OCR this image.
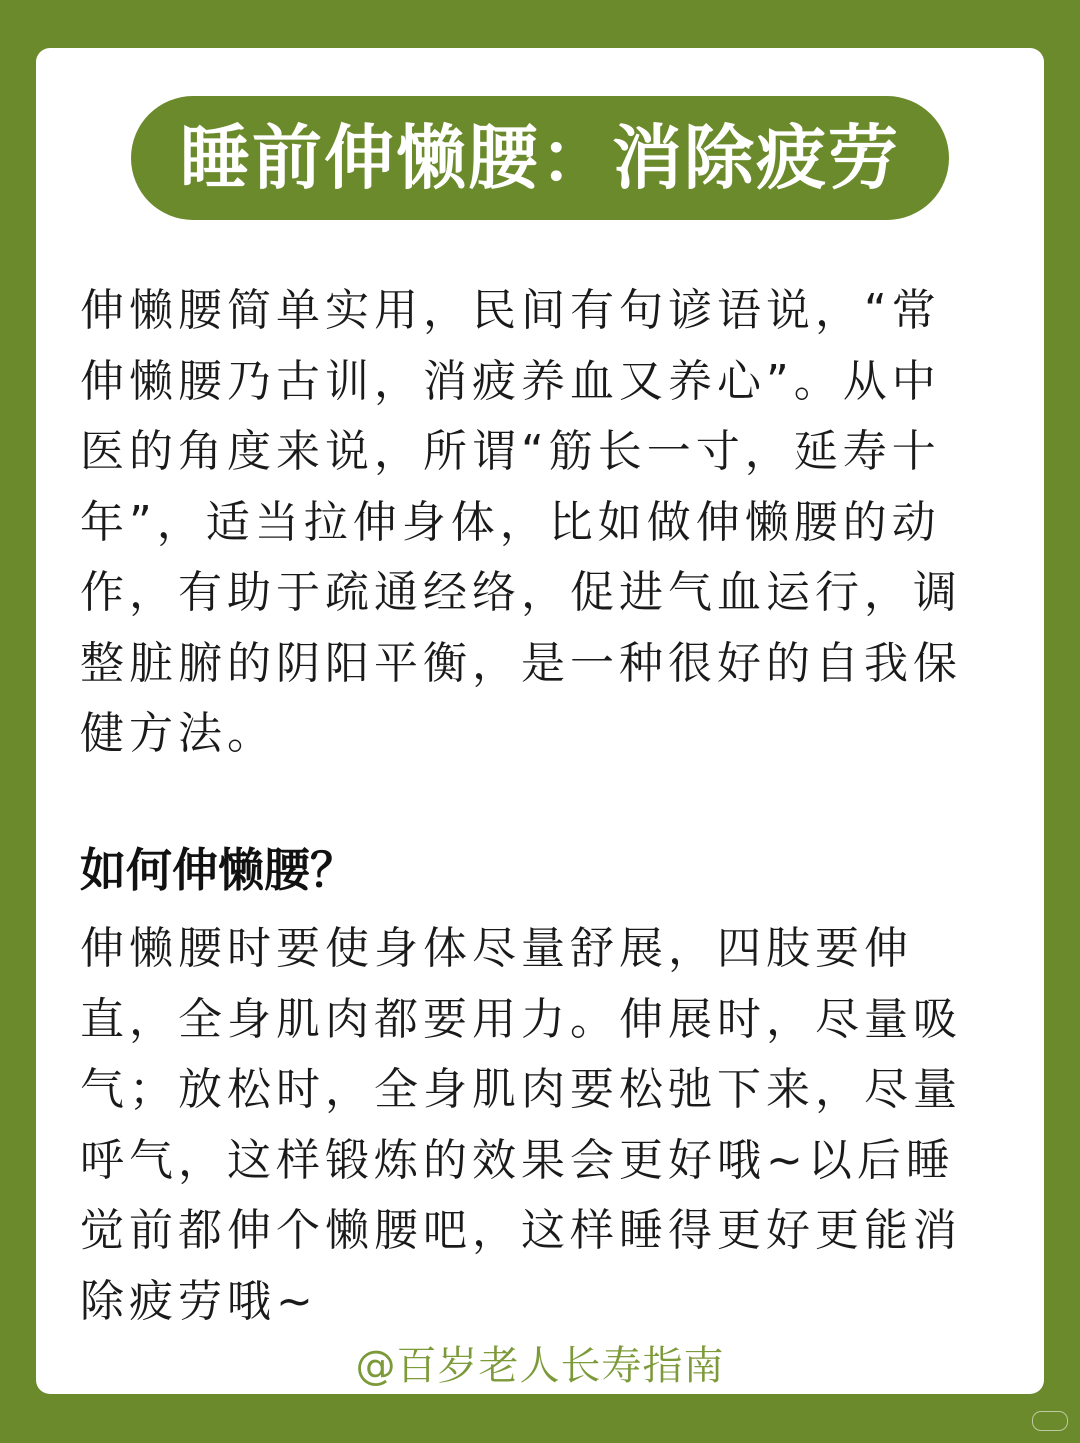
睡前伸懒腰：消除疲劳

伸懒腰简单实用，民间有句谚语说，“常
伸懒腰乃古训，消疲养血又养心”。从中
医的角度来说，所谓“筋长一寸，延寿十
年”，适当拉伸身体，比如做伸懒腰的动
作，有助于疏通经络，促进气血运行，调
整脏腑的阴阳平衡，是一种很好的自我保
健方法。

如何伸懒腰？

伸懒腰时要使身体尽量舒展，四肢要伸
直，全身肌肉都要用力。伸展时，尽量吸
气；放松时，全身肌肉要松弛下来，尽量
呼气，这样锻炼的效果会更好哦~以后睡
觉前都伸个懒腰吧，这样睡得更好更能消
除疲劳哦~

@百岁老人长寿指南
